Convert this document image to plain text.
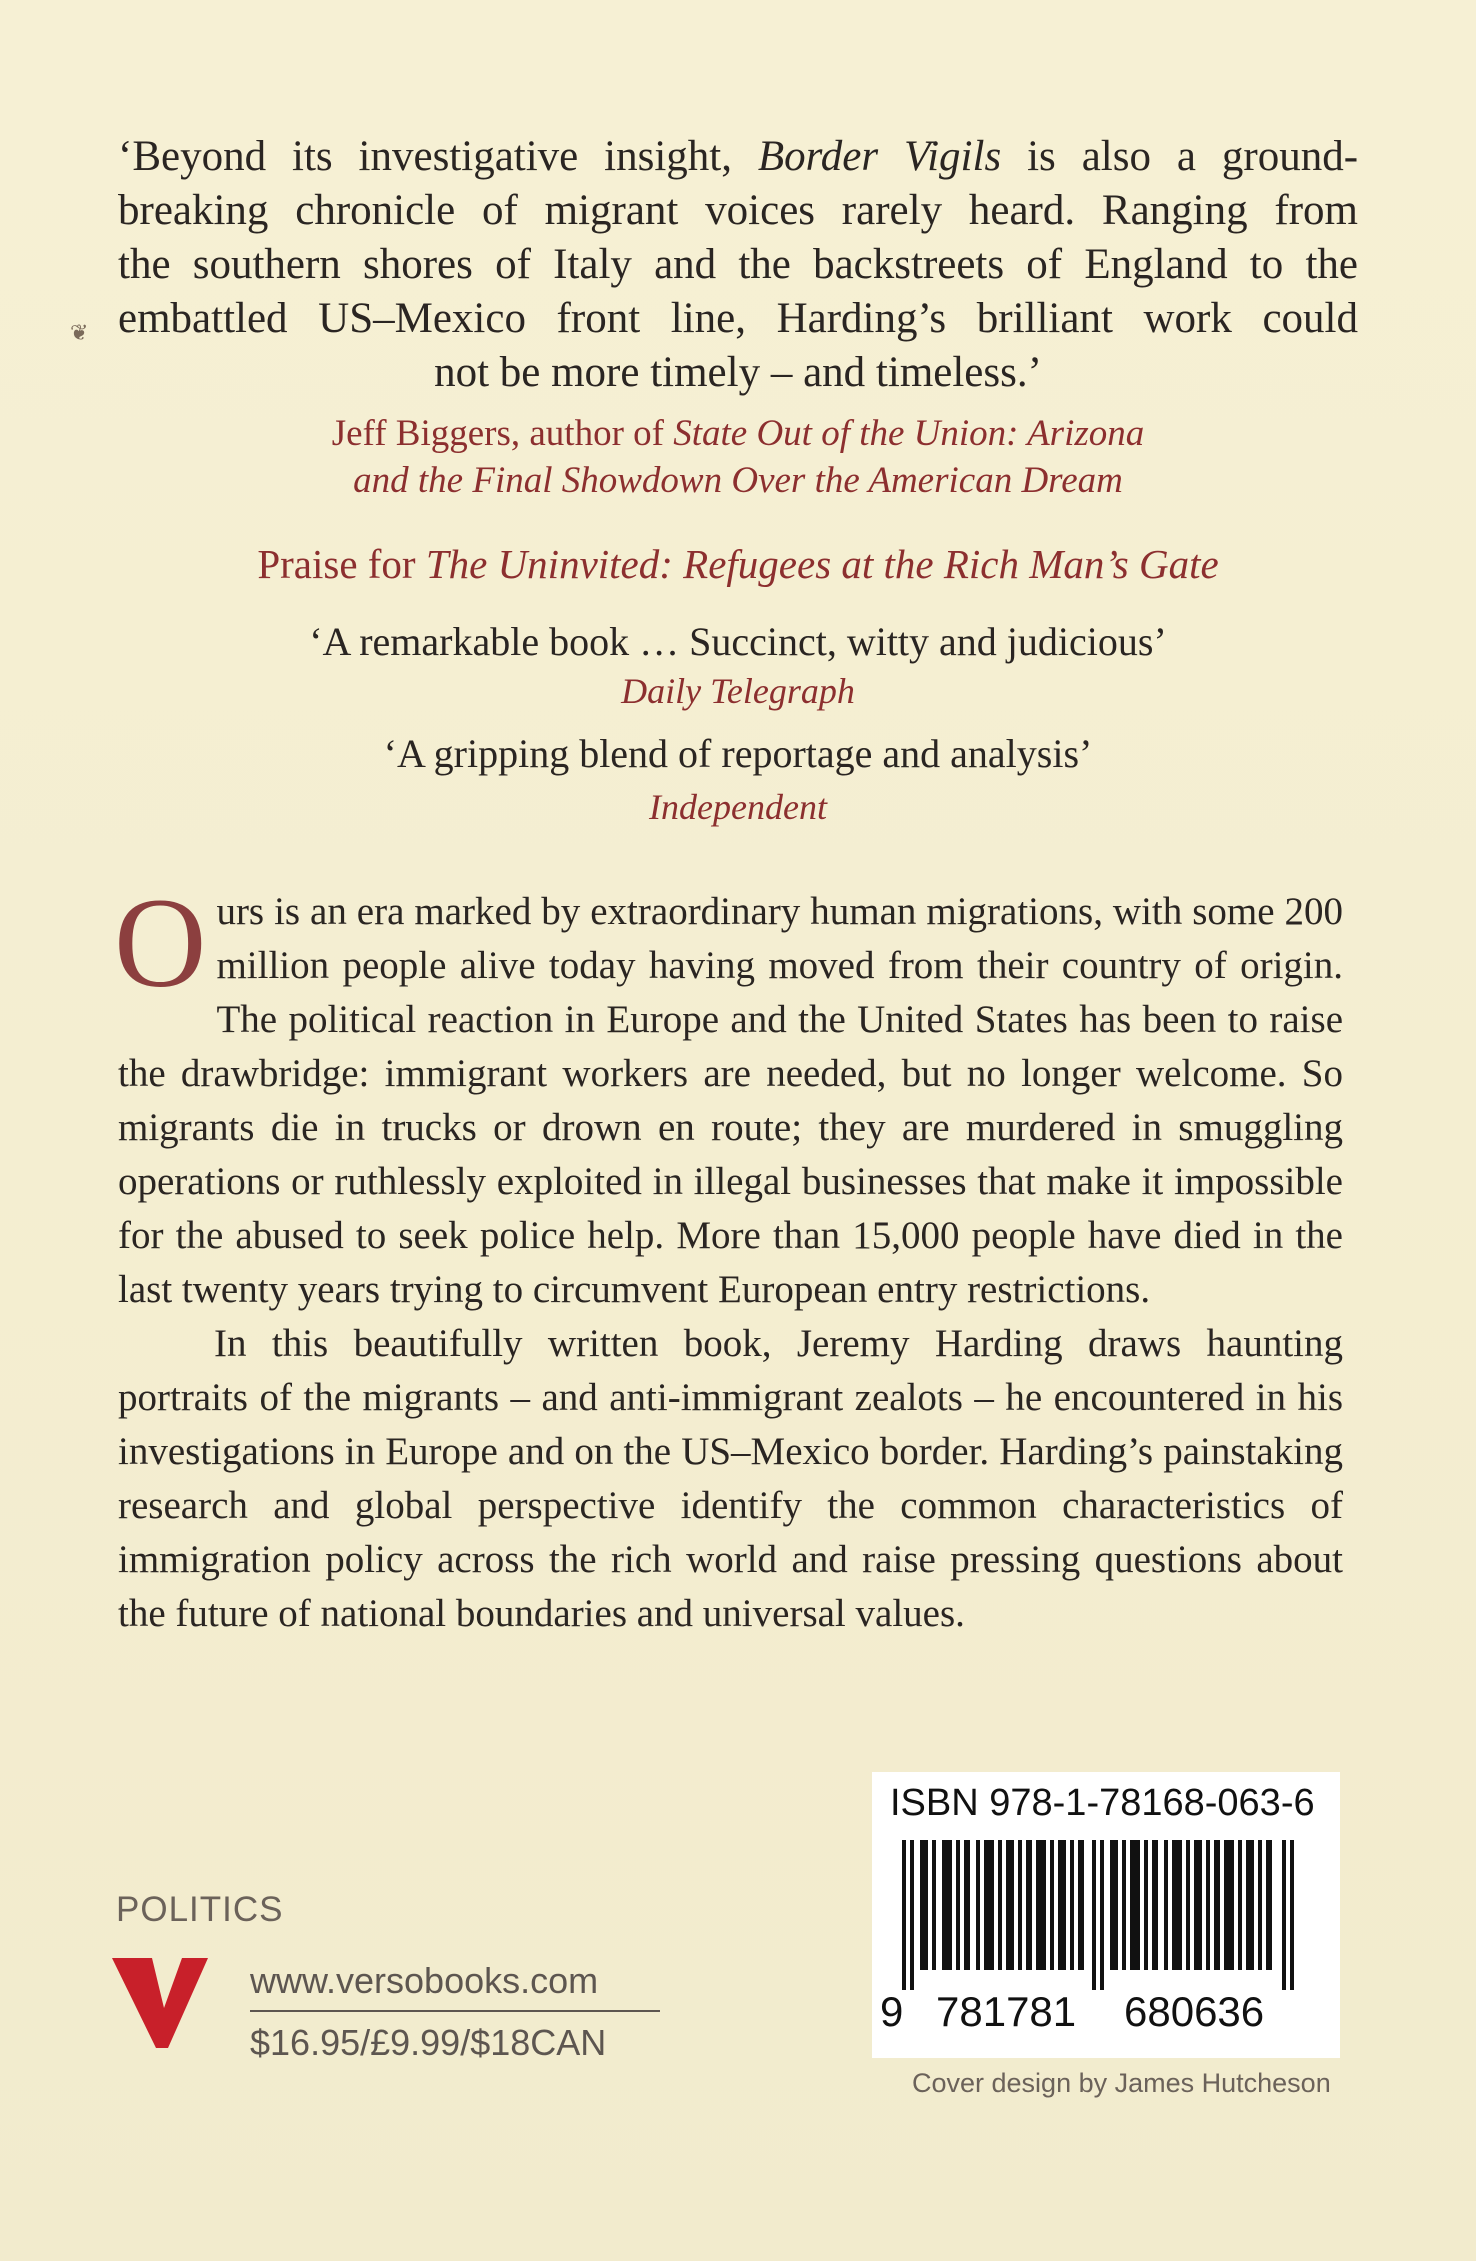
❦
‘Beyond its investigative insight, Border Vigils is also a ground-
breaking chronicle of migrant voices rarely heard. Ranging from
the southern shores of Italy and the backstreets of England to the
embattled US–Mexico front line, Harding’s brilliant work could
not be more timely – and timeless.’
Jeff Biggers, author of State Out of the Union: Arizona
and the Final Showdown Over the American Dream
Praise for The Uninvited: Refugees at the Rich Man’s Gate
‘A remarkable book … Succinct, witty and judicious’
Daily Telegraph
‘A gripping blend of reportage and analysis’
Independent

Ours is an era marked by extraordinary human migrations, with some 200 million people alive today having moved from their country of origin. The political reaction in Europe and the United States has been to raise the drawbridge: immigrant workers are needed, but no longer welcome. So migrants die in trucks or drown en route; they are murdered in smuggling operations or ruthlessly exploited in illegal businesses that make it impossible for the abused to seek police help. More than 15,000 people have died in the last twenty years trying to circumvent European entry restrictions.

In this beautifully written book, Jeremy Harding draws haunting portraits of the migrants – and anti-immigrant zealots – he encountered in his investigations in Europe and on the US–Mexico border. Harding’s painstaking research and global perspective identify the common characteristics of immigration policy across the rich world and raise pressing questions about the future of national boundaries and universal values.

POLITICS
www.versobooks.com
$16.95/£9.99/$18CAN
ISBN 978-1-78168-063-6
9 781781 680636
Cover design by James Hutcheson
